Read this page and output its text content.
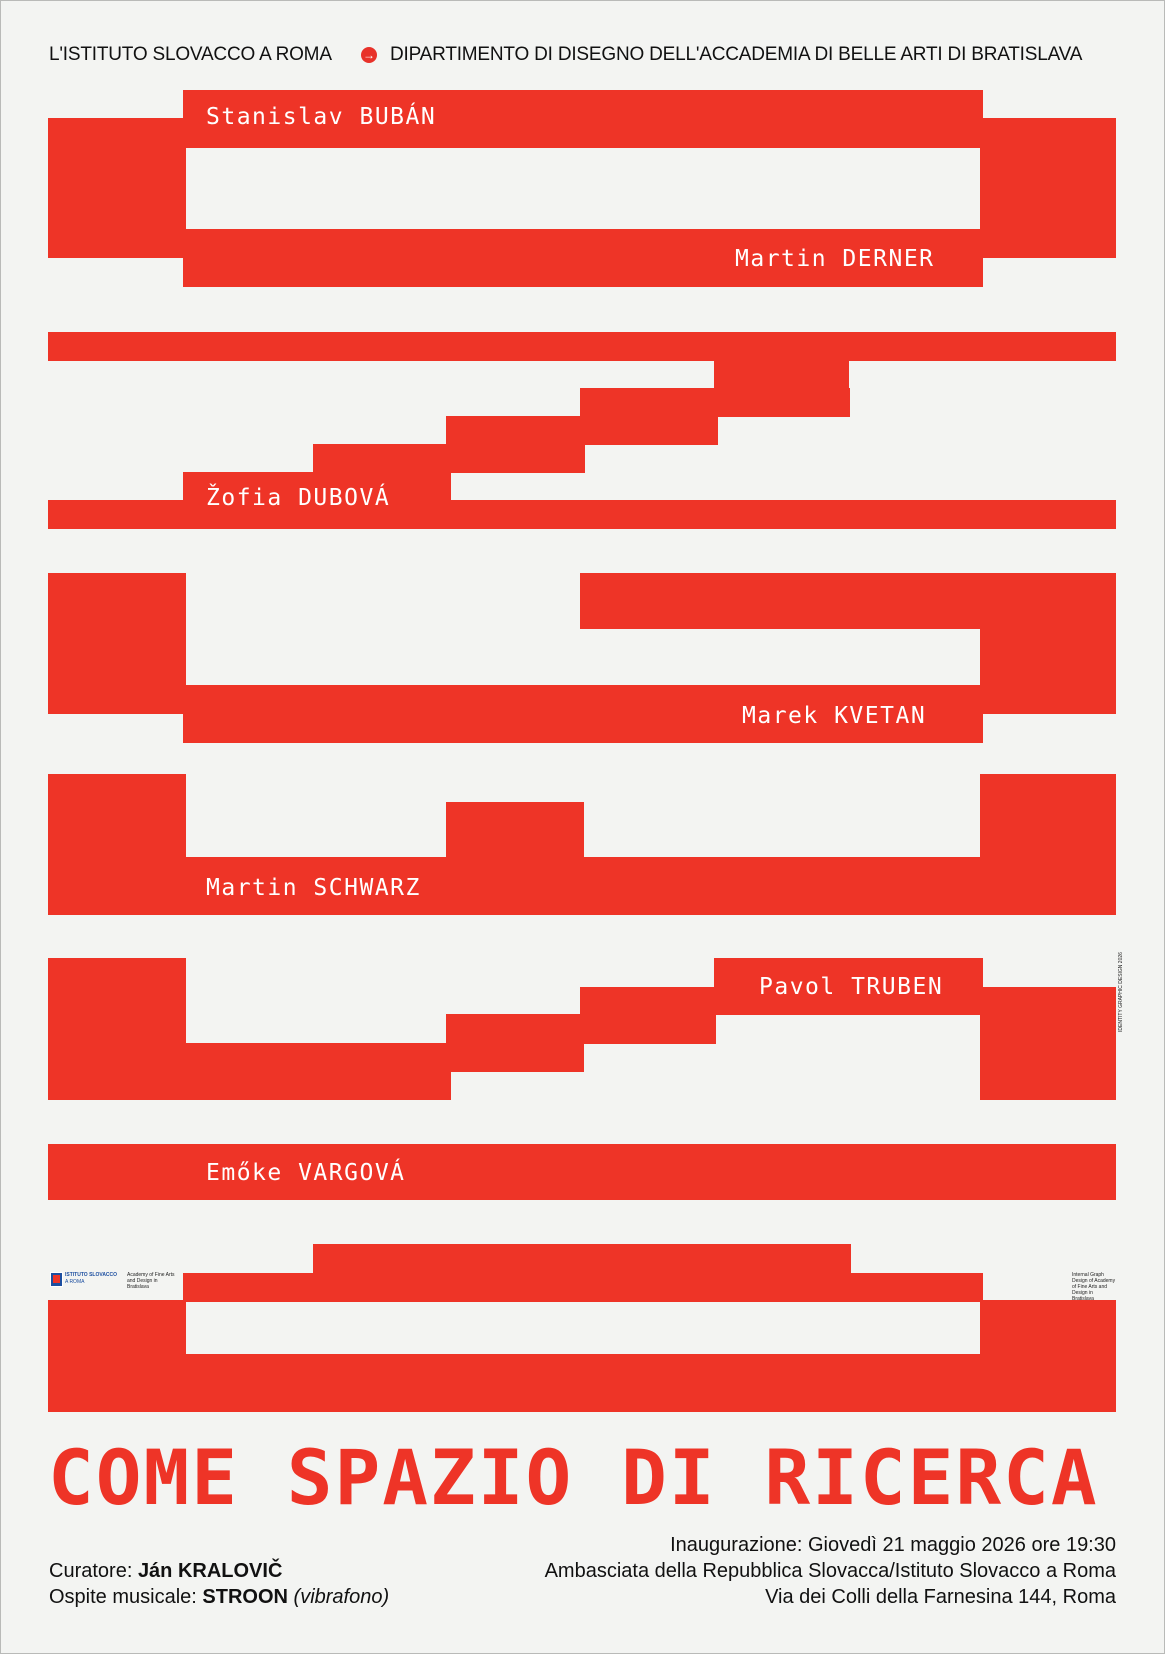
L'ISTITUTO SLOVACCO A ROMA	→ DIPARTIMENTO DI DISEGNO DELL'ACCADEMIA DI BELLE ARTI DI BRATISLAVA
Stanislav BUBÁN
Martin DERNER
Žofia DUBOVÁ
Marek KVETAN
Martin SCHWARZ
Pavol TRUBEN
Emőke VARGOVÁ
ISTITUTO SLOVACCO
A ROMA
Academy of Fine Arts and Design in Bratislava
Internal Graph Design of Academy of Fine Arts and Design in Bratislava
IDENTITY GRAPHIC DESIGN 2026
COME SPAZIO DI RICERCA
Curatore: Ján KRALOVIČ
Ospite musicale: STROON (vibrafono)
Inaugurazione: Giovedì 21 maggio 2026 ore 19:30
Ambasciata della Repubblica Slovacca/Istituto Slovacco a Roma
Via dei Colli della Farnesina 144, Roma
